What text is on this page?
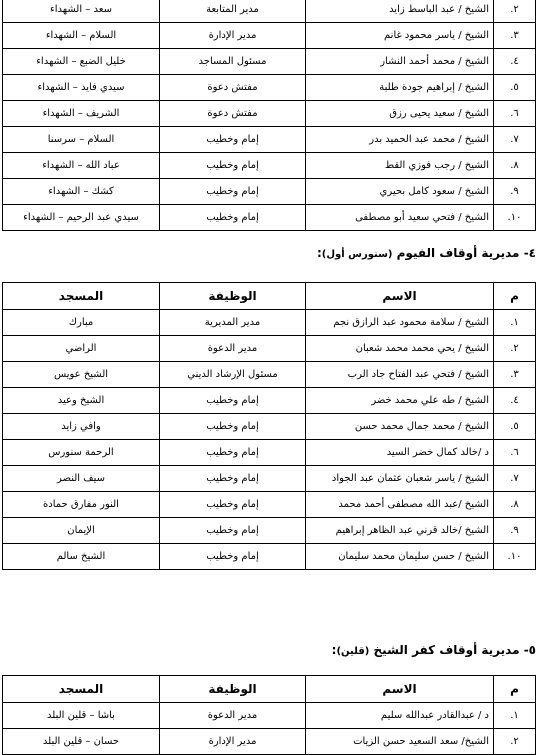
٢.	الشيخ / عبد الباسط زايد	مدير المتابعة	سعد – الشهداء
٣.	الشيخ / ياسر محمود غانم	مدير الإدارة	السلام – الشهداء
٤.	الشيخ / محمد أحمد النشار	مسئول المساجد	خليل الضبع – الشهداء
٥.	الشيخ / إبراهيم جودة طلبة	مفتش دعوة	سيدي فايد – الشهداء
٦.	الشيخ / سعيد يحيى رزق	مفتش دعوة	الشريف – الشهداء
٧.	الشيخ / محمد عبد الحميد بدر	إمام وخطيب	السلام – سرسنا
٨.	الشيخ / رجب فوزي القط	إمام وخطيب	عباد الله – الشهداء
٩.	الشيخ / سعود كامل بحيري	إمام وخطيب	كشك – الشهداء
١٠.	الشيخ / فتحي سعيد أبو مصطفى	إمام وخطيب	سيدي عبد الرحيم – الشهداء
٤- مديرية أوقاف الفيوم (سنورس أول):
م	الاسم	الوظيفة	المسجد
١.	الشيخ / سلامة محمود عبد الرازق نجم	مدير المديرية	مبارك
٢.	الشيخ / يحي محمد محمد شعبان	مدير الدعوة	الراضي
٣.	الشيخ / فتحي عبد الفتاح جاد الرب	مسئول الإرشاد الديني	الشيخ عويس
٤.	الشيخ / طه علي محمد خضر	إمام وخطيب	الشيخ وعيد
٥.	الشيخ / محمد جمال محمد حسن	إمام وخطيب	وافي زايد
٦.	د /خالد كمال خضر السيد	إمام وخطيب	الرحمة سنورس
٧.	الشيخ / ياسر شعبان عثمان عبد الجواد	إمام وخطيب	سيف النصر
٨.	الشيخ /عبد الله مصطفى أحمد محمد	إمام وخطيب	النور مفارق حمادة
٩.	الشيخ /خالد قرني عبد الظاهر إبراهيم	إمام وخطيب	الإيمان
١٠.	الشيخ / حسن سليمان محمد سليمان	إمام وخطيب	الشيخ سالم
٥- مديرية أوقاف كفر الشيخ (قلين):
م	الاسم	الوظيفة	المسجد
١.	د / عبدالقادر عبدالله سليم	مدير الدعوة	باشا – قلين البلد
٢.	الشيخ/ سعد السعيد حسن الزيات	مدير الإدارة	حسان – قلين البلد
